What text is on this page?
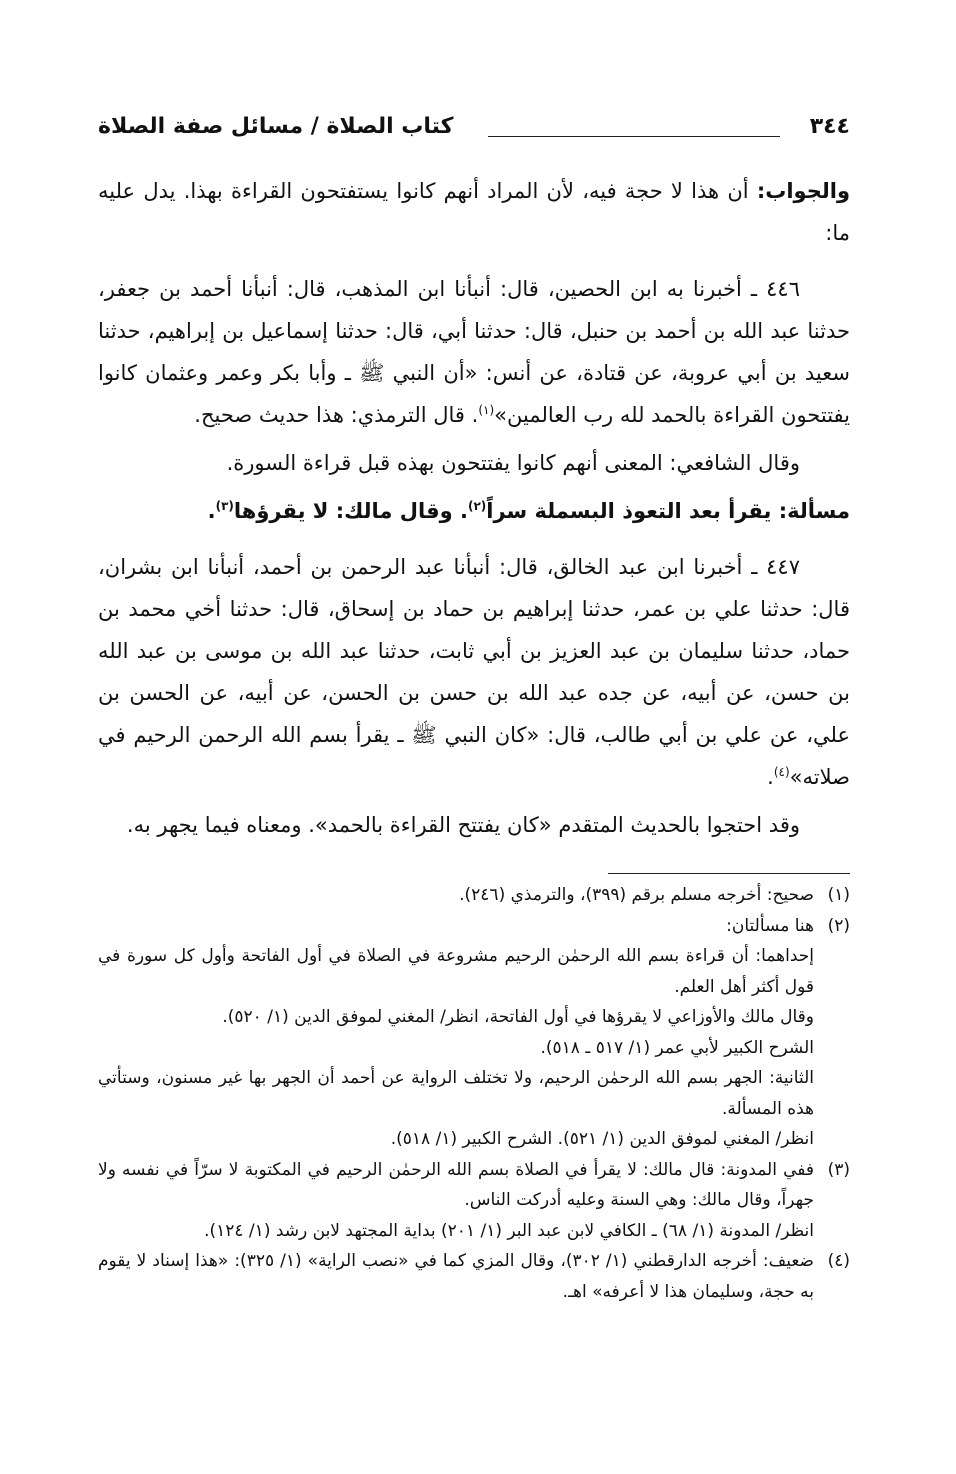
٣٤٤
كتاب الصلاة / مسائل صفة الصلاة

والجواب: أن هذا لا حجة فيه، لأن المراد أنهم كانوا يستفتحون القراءة بهذا. يدل عليه ما:

٤٤٦ ـ أخبرنا به ابن الحصين، قال: أنبأنا ابن المذهب، قال: أنبأنا أحمد بن جعفر، حدثنا عبد الله بن أحمد بن حنبل، قال: حدثنا أبي، قال: حدثنا إسماعيل بن إبراهيم، حدثنا سعيد بن أبي عروبة، عن قتادة، عن أنس: «أن النبي ﷺ ـ وأبا بكر وعمر وعثمان كانوا يفتتحون القراءة بالحمد لله رب العالمين»$^{(١)}$. قال الترمذي: هذا حديث صحيح.

وقال الشافعي: المعنى أنهم كانوا يفتتحون بهذه قبل قراءة السورة.

مسألة: يقرأ بعد التعوذ البسملة سراً$^{(٢)}$. وقال مالك: لا يقرؤها$^{(٣)}$.

٤٤٧ ـ أخبرنا ابن عبد الخالق، قال: أنبأنا عبد الرحمن بن أحمد، أنبأنا ابن بشران، قال: حدثنا علي بن عمر، حدثنا إبراهيم بن حماد بن إسحاق، قال: حدثنا أخي محمد بن حماد، حدثنا سليمان بن عبد العزيز بن أبي ثابت، حدثنا عبد الله بن موسى بن عبد الله بن حسن، عن أبيه، عن جده عبد الله بن حسن بن الحسن، عن أبيه، عن الحسن بن علي، عن علي بن أبي طالب، قال: «كان النبي ﷺ ـ يقرأ بسم الله الرحمن الرحيم في صلاته»$^{(٤)}$.

وقد احتجوا بالحديث المتقدم «كان يفتتح القراءة بالحمد». ومعناه فيما يجهر به.

(١)
صحيح: أخرجه مسلم برقم (٣٩٩)، والترمذي (٢٤٦).

(٢)
هنا مسألتان:

إحداهما: أن قراءة بسم الله الرحمٰن الرحيم مشروعة في الصلاة في أول الفاتحة وأول كل سورة في قول أكثر أهل العلم.

وقال مالك والأوزاعي لا يقرؤها في أول الفاتحة، انظر/ المغني لموفق الدين (١/ ٥٢٠).

الشرح الكبير لأبي عمر (١/ ٥١٧ ـ ٥١٨).

الثانية: الجهر بسم الله الرحمٰن الرحيم، ولا تختلف الرواية عن أحمد أن الجهر بها غير مسنون، وستأتي هذه المسألة.

انظر/ المغني لموفق الدين (١/ ٥٢١). الشرح الكبير (١/ ٥١٨).

(٣)
ففي المدونة: قال مالك: لا يقرأ في الصلاة بسم الله الرحمٰن الرحيم في المكتوبة لا سرّاً في نفسه ولا جهراً، وقال مالك: وهي السنة وعليه أدركت الناس.

انظر/ المدونة (١/ ٦٨) ـ الكافي لابن عبد البر (١/ ٢٠١) بداية المجتهد لابن رشد (١/ ١٢٤).

(٤)
ضعيف: أخرجه الدارقطني (١/ ٣٠٢)، وقال المزي كما في «نصب الراية» (١/ ٣٢٥): «هذا إسناد لا يقوم به حجة، وسليمان هذا لا أعرفه» اهـ.
